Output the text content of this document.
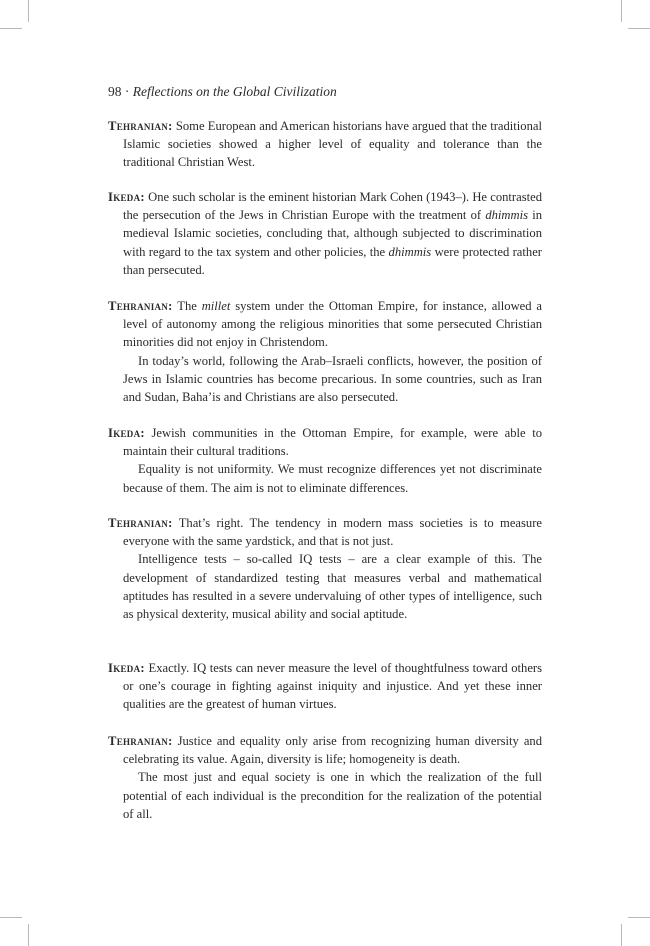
98 · Reflections on the Global Civilization

Tehranian: Some European and American historians have argued that the traditional Islamic societies showed a higher level of equality and tolerance than the traditional Christian West.

Ikeda: One such scholar is the eminent historian Mark Cohen (1943–). He contrasted the persecution of the Jews in Christian Europe with the treatment of dhimmis in medieval Islamic societies, concluding that, although subjected to discrimination with regard to the tax system and other policies, the dhimmis were protected rather than persecuted.

Tehranian: The millet system under the Ottoman Empire, for instance, allowed a level of autonomy among the religious minorities that some persecuted Christian minorities did not enjoy in Christendom.

In today’s world, following the Arab–Israeli conflicts, however, the position of Jews in Islamic countries has become precarious. In some countries, such as Iran and Sudan, Baha’is and Christians are also persecuted.

Ikeda: Jewish communities in the Ottoman Empire, for example, were able to maintain their cultural traditions.

Equality is not uniformity. We must recognize differences yet not discriminate because of them. The aim is not to eliminate differences.

Tehranian: That’s right. The tendency in modern mass societies is to measure everyone with the same yardstick, and that is not just.

Intelligence tests – so-called IQ tests – are a clear example of this. The development of standardized testing that measures verbal and mathematical aptitudes has resulted in a severe undervaluing of other types of intelligence, such as physical dexterity, musical ability and social aptitude.

Ikeda: Exactly. IQ tests can never measure the level of thoughtfulness toward others or one’s courage in fighting against iniquity and injustice. And yet these inner qualities are the greatest of human virtues.

Tehranian: Justice and equality only arise from recognizing human diversity and celebrating its value. Again, diversity is life; homogeneity is death.

The most just and equal society is one in which the realization of the full potential of each individual is the precondition for the realization of the potential of all.
